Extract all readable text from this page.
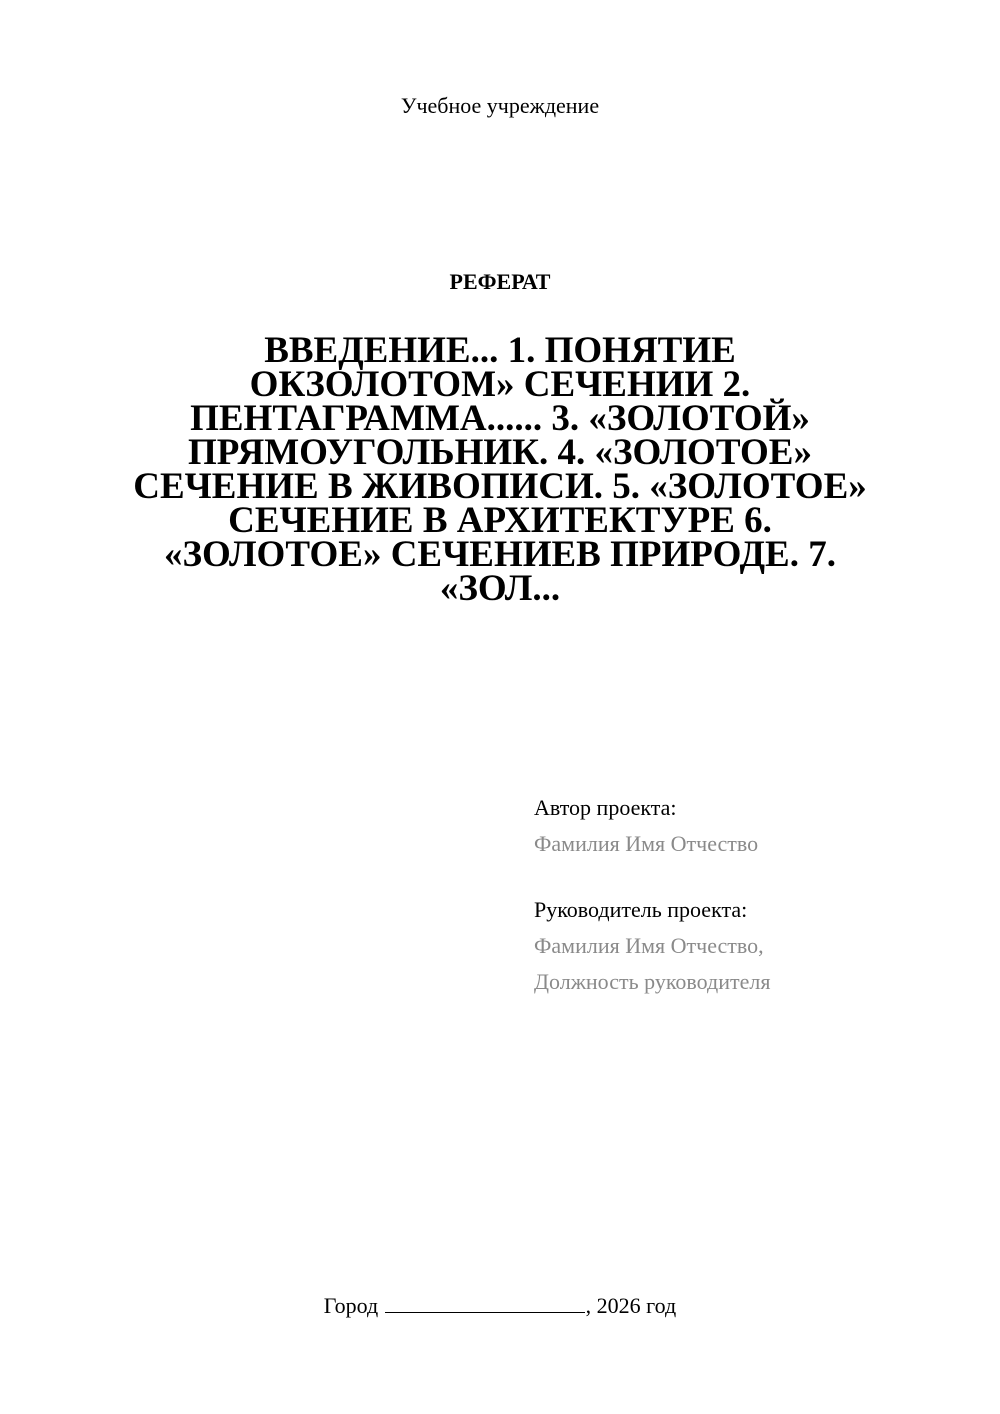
Учебное учреждение
РЕФЕРАТ
ВВЕДЕНИЕ... 1. ПОНЯТИЕ ОКЗОЛОТОМ» СЕЧЕНИИ 2. ПЕНТАГРАММА...... 3. «ЗОЛОТОЙ» ПРЯМОУГОЛЬНИК. 4. «ЗОЛОТОЕ» СЕЧЕНИЕ В ЖИВОПИСИ. 5. «ЗОЛОТОЕ» СЕЧЕНИЕ В АРХИТЕКТУРЕ 6. «ЗОЛОТОЕ» СЕЧЕНИЕВ ПРИРОДЕ. 7. «ЗОЛ...
Автор проекта:
Фамилия Имя Отчество
Руководитель проекта:
Фамилия Имя Отчество,
Должность руководителя
Город	, 2026 год
